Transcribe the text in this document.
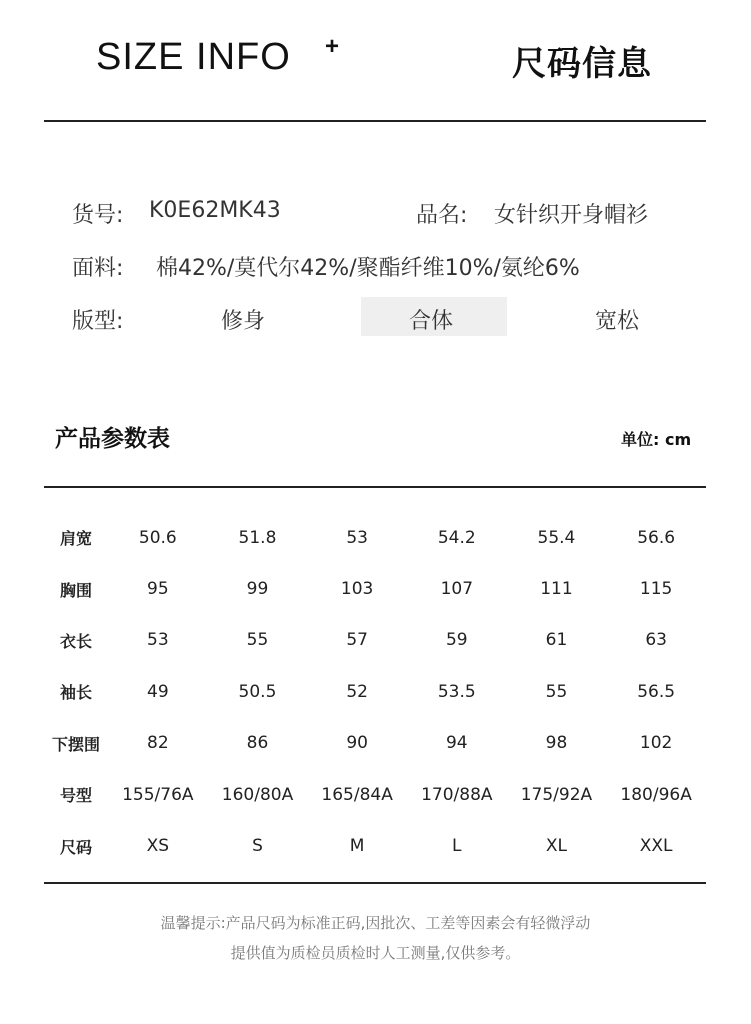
SIZE INFO +	尺码信息
货号: K0E62MK43	品名: 女针织开身帽衫
面料: 棉42%/莫代尔42%/聚酯纤维10%/氨纶6%
版型:	修身	合体	宽松
产品参数表	单位: cm
肩宽	50.6	51.8	53	54.2	55.4	56.6
胸围	95	99	103	107	111	115
衣长	53	55	57	59	61	63
袖长	49	50.5	52	53.5	55	56.5
下摆围	82	86	90	94	98	102
号型	155/76A	160/80A	165/84A	170/88A	175/92A	180/96A
尺码	XS	S	M	L	XL	XXL
温馨提示:产品尺码为标准正码,因批次、工差等因素会有轻微浮动
提供值为质检员质检时人工测量,仅供参考。
